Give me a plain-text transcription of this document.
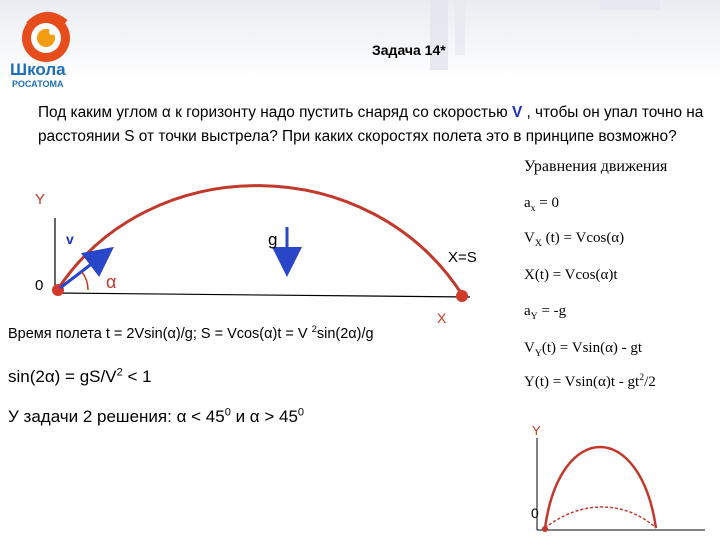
Школа
РОСАТОМА
Задача 14*
Под каким углом α к горизонту надо пустить снаряд со скоростью V , чтобы он упал точно на расстоянии S от точки выстрела? При каких скоростях полета это в принципе возможно?
Y
v	g
X=S
0	α
X
Уравнения движения
$a_x = 0$
$V_X$ (t) = Vcos(α)
X(t) = Vcos(α)t
$a_Y = -g$
$V_Y(t) = Vsin(\alpha)$ - gt
$Y(t) = Vsin(\alpha)t - gt^2/2$
Время полета t = 2Vsin(α)/g; S = Vcos(α)t = V $^2$sin(2α)/g
$\sin(2\alpha) = gS/V^2 < 1$
У задачи 2 решения: $\alpha < 45^0$ и $\alpha > 45^0$
Y
0
